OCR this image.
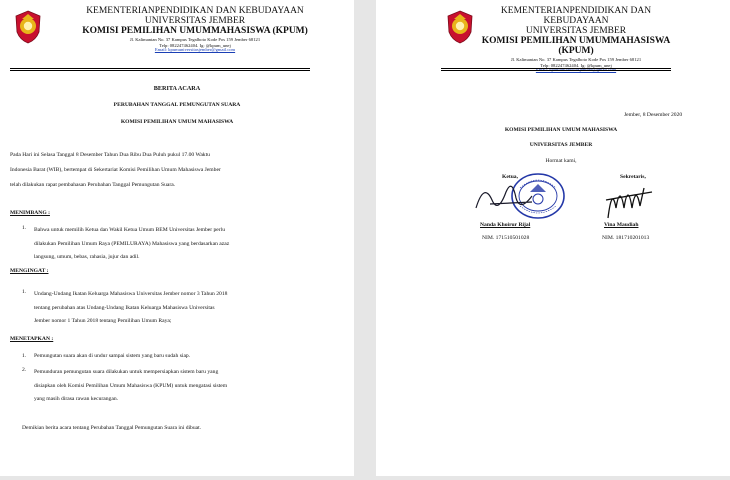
KEMENTERIANPENDIDIKAN DAN KEBUDAYAAN
UNIVERSITAS JEMBER
KOMISI PEMILIHAN UMUMMAHASISWA (KPUM)
Jl. Kalimantan No. 37 Kampus Tegalboto Kode Pos 159 Jember 68121
Telp: 082247462404. Ig: @kpum_unej
Email: kpumuniversitasjember@gmail.com
BERITA ACARA
PERUBAHAN TANGGAL PEMUNGUTAN SUARA
KOMISI PEMILIHAN UMUM MAHASISWA
Pada Hari ini Selasa Tanggal 8 Desember Tahun Dua Ribu Dua Puluh pukul 17.00 Waktu
Indonesia Barat (WIB), bertempat di Sekertariat Komisi Pemilihan Umum Mahasiswa Jember
telah dilakukan rapat pembahasan Perubahan Tanggal Pemungutan Suara.
MENIMBANG :
1. Bahwa untuk memilih Ketua dan Wakil Ketua Umum BEM Universitas Jember perlu
dilakukan Pemilihan Umum Raya (PEMILURAYA) Mahasiswa yang berdasarkan azaz
langsung, umum, bebas, rahasia, jujur dan adil.
MENGINGAT :
1. Undang-Undang Ikatan Keluarga Mahasiswa Universitas Jember nomor 3 Tahun 2018
tentang perubahan atas Undang-Undang Ikatan Keluarga Mahasiswa Universitas
Jember nomor 1 Tahun 2018 tentang Pemilihan Umum Raya;
MENETAPKAN :
1. Pemungutan suara akan di undur sampai sistem yang baru sudah siap.
2. Pemunduran pemungutan suara dilakukan untuk mempersiapkan sistem baru yang
disiapkan oleh Komisi Pemilihan Umum Mahasiswa (KPUM) untuk mengatasi sistem
yang masih dirasa rawan kecurangan.
Demikian berita acara tentang Perubahan Tanggal Pemungutan Suara ini dibuat.
KEMENTERIANPENDIDIKAN DAN KEBUDAYAAN
UNIVERSITAS JEMBER
KOMISI PEMILIHAN UMUMMAHASISWA (KPUM)
Jl. Kalimantan No. 37 Kampus Tegalboto Kode Pos 159 Jember 68121
Telp: 082247462404. Ig: @kpum_unej
Email: kpumuniversitasjember@gmail.com
Jember, 8 Desember 2020
KOMISI PEMILIHAN UMUM MAHASISWA
UNIVERSITAS JEMBER
Hormat kami,
Ketua,	Sekretaris,
Nanda Khoirur Rijal
NIM. 171510501028
Vina Maudiah
NIM. 181710201013
